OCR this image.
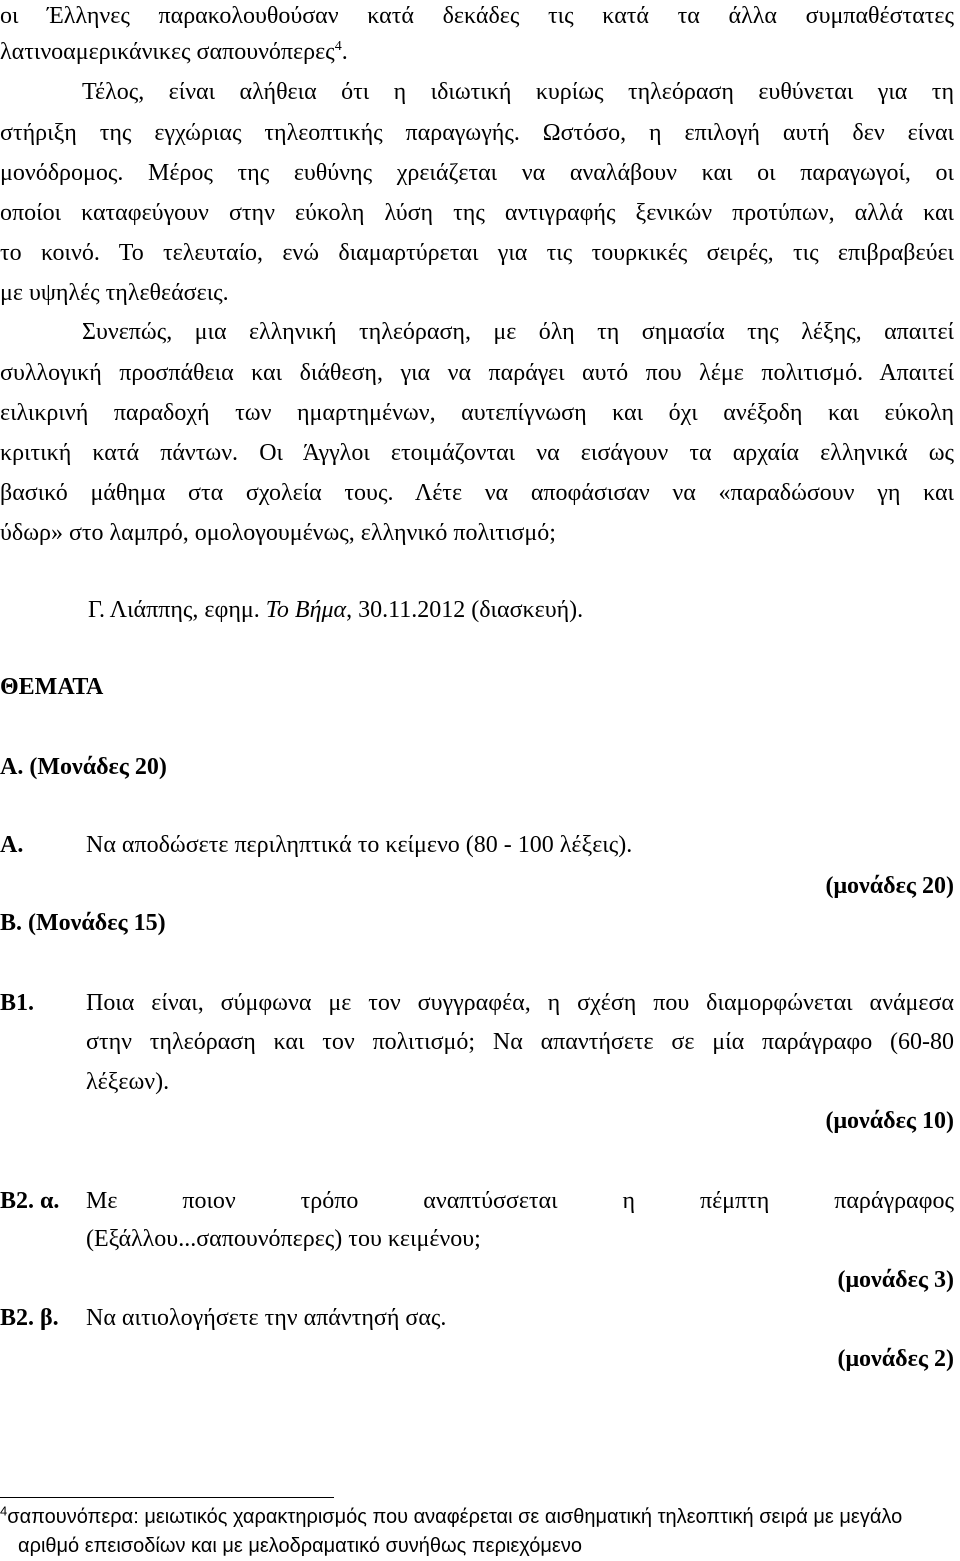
οι Έλληνες παρακολουθούσαν κατά δεκάδες τις κατά τα άλλα συμπαθέστατες
λατινοαμερικάνικες σαπουνόπερες$^4$.
Τέλος, είναι αλήθεια ότι η ιδιωτική κυρίως τηλεόραση ευθύνεται για τη
στήριξη της εγχώριας τηλεοπτικής παραγωγής. Ωστόσο, η επιλογή αυτή δεν είναι
μονόδρομος. Μέρος της ευθύνης χρειάζεται να αναλάβουν και οι παραγωγοί, οι
οποίοι καταφεύγουν στην εύκολη λύση της αντιγραφής ξενικών προτύπων, αλλά και
το κοινό. Το τελευταίο, ενώ διαμαρτύρεται για τις τουρκικές σειρές, τις επιβραβεύει
με υψηλές τηλεθεάσεις.
Συνεπώς, μια ελληνική τηλεόραση, με όλη τη σημασία της λέξης, απαιτεί
συλλογική προσπάθεια και διάθεση, για να παράγει αυτό που λέμε πολιτισμό. Απαιτεί
ειλικρινή παραδοχή των ημαρτημένων, αυτεπίγνωση και όχι ανέξοδη και εύκολη
κριτική κατά πάντων. Οι Άγγλοι ετοιμάζονται να εισάγουν τα αρχαία ελληνικά ως
βασικό μάθημα στα σχολεία τους. Λέτε να αποφάσισαν να «παραδώσουν γη και
ύδωρ» στο λαμπρό, ομολογουμένως, ελληνικό πολιτισμό;
Γ. Λιάππης, εφημ. Το Βήμα, 30.11.2012 (διασκευή).
ΘΕΜΑΤΑ
Α. (Μονάδες 20)
Α.	Να αποδώσετε περιληπτικά το κείμενο (80 - 100 λέξεις).
(μονάδες 20)
Β. (Μονάδες 15)
Β1. Ποια είναι, σύμφωνα με τον συγγραφέα, η σχέση που διαμορφώνεται ανάμεσα
στην τηλεόραση και τον πολιτισμό; Να απαντήσετε σε μία παράγραφο (60-80
λέξεων).
(μονάδες 10)
Β2. α. Με ποιον τρόπο αναπτύσσεται η πέμπτη παράγραφος
(Εξάλλου...σαπουνόπερες) του κειμένου;
(μονάδες 3)
Β2. β. Να αιτιολογήσετε την απάντησή σας.
(μονάδες 2)
$^4$σαπουνόπερα: μειωτικός χαρακτηρισμός που αναφέρεται σε αισθηματική τηλεοπτική σειρά με μεγάλο
αριθμό επεισοδίων και με μελοδραματικό συνήθως περιεχόμενο
